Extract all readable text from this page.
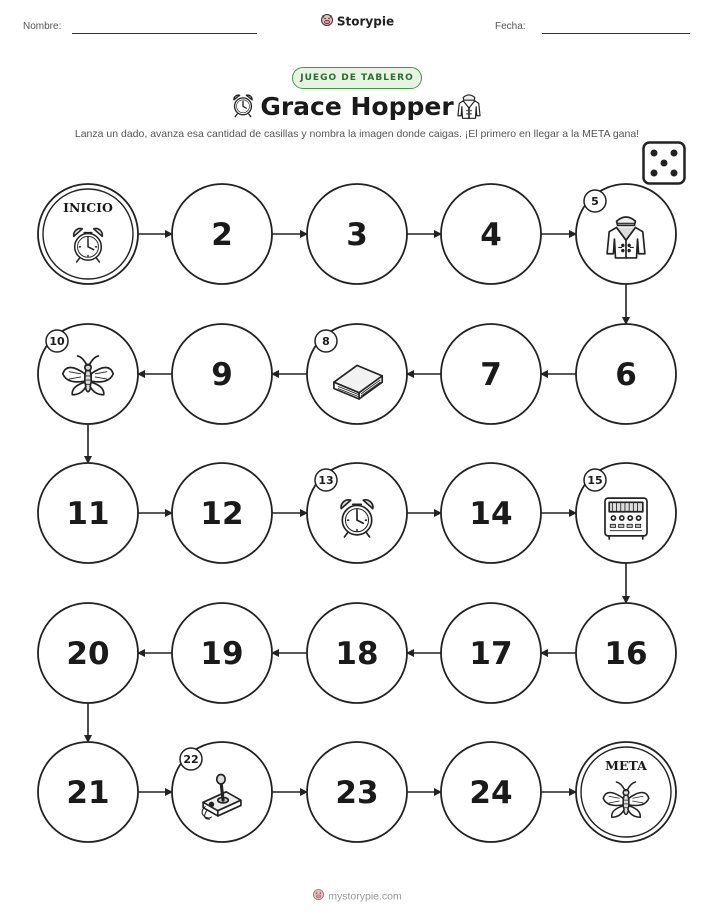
Nombre:	Storypie	Fecha:
JUEGO DE TABLERO
Grace Hopper
Lanza un dado, avanza esa cantidad de casillas y nombra la imagen donde caigas. ¡El primero en llegar a la META gana!
INICIO
2	3	4
5
6
7
8
9
10
11	12
13
14
15
16
17
18
19
20
21
22
23	24
META
mystorypie.com
